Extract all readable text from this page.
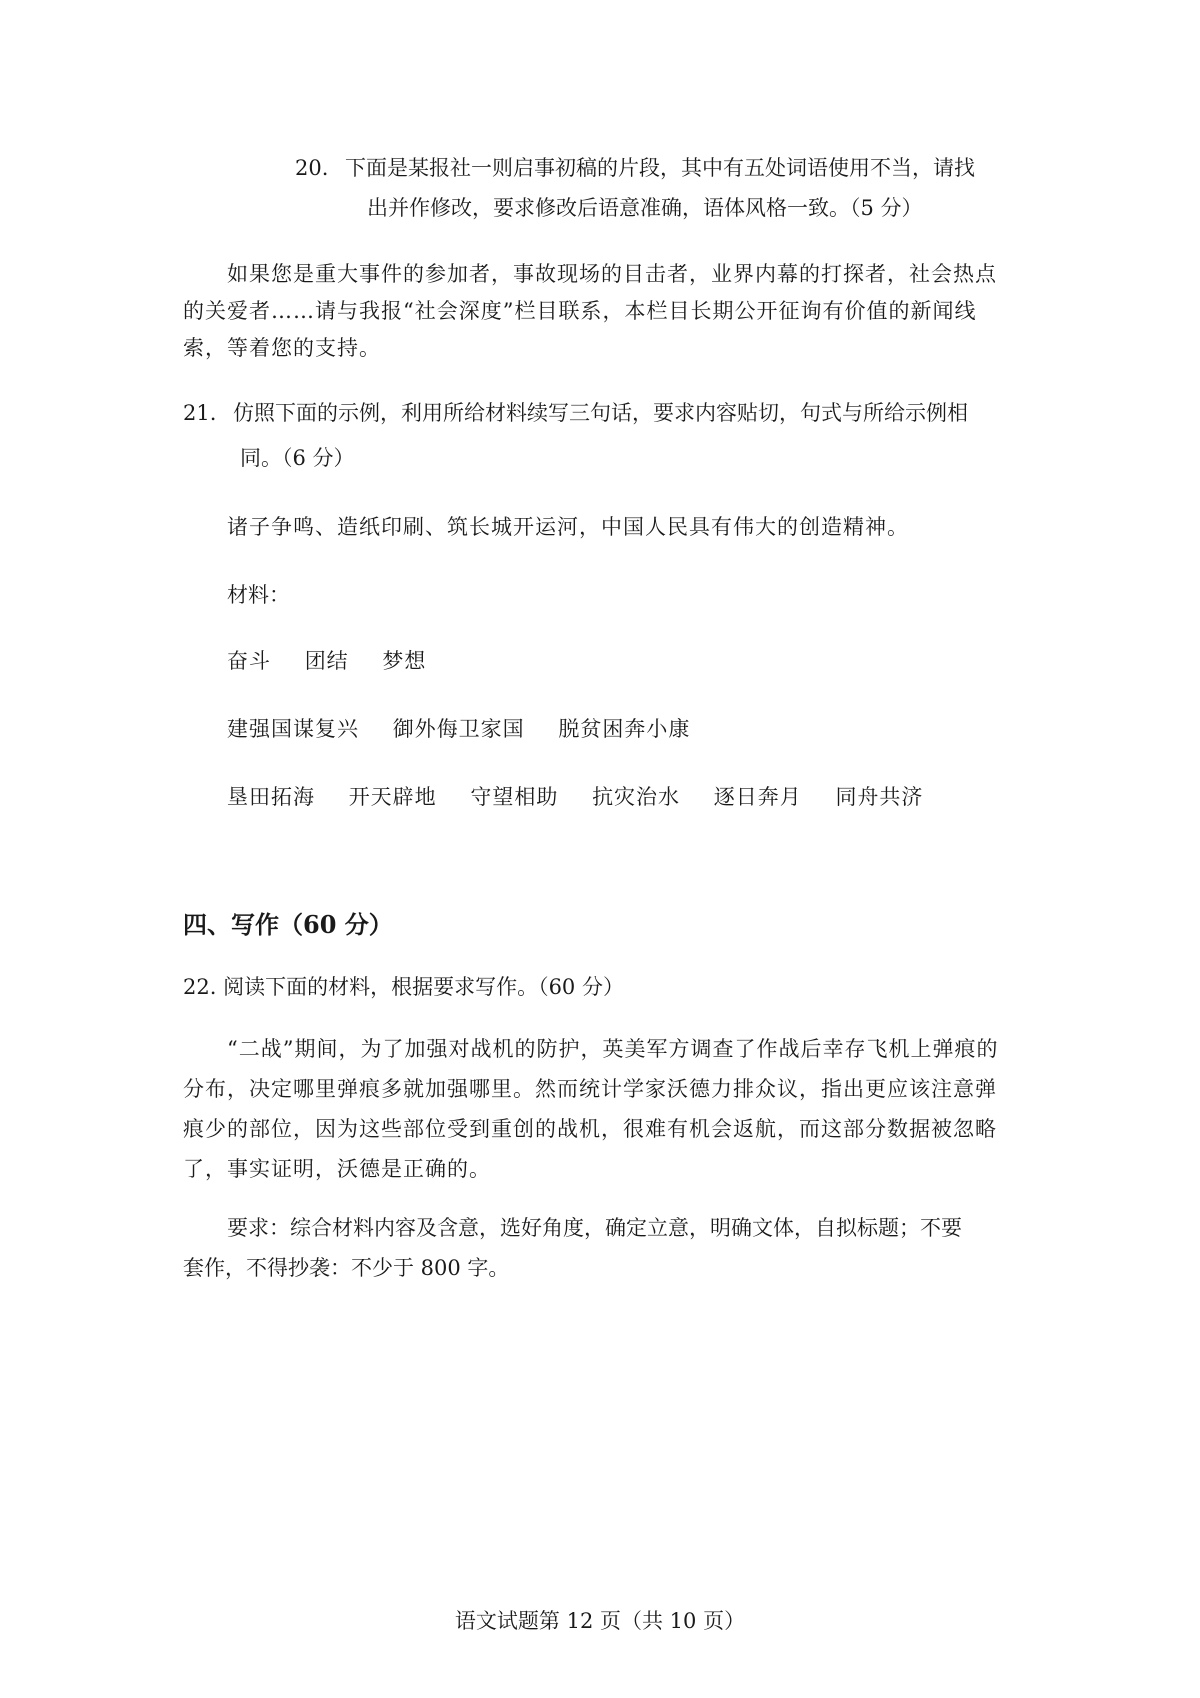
20. 下面是某报社一则启事初稿的片段，其中有五处词语使用不当，请找
出并作修改，要求修改后语意准确，语体风格一致。（5 分）
如果您是重大事件的参加者，事故现场的目击者，业界内幕的打探者，社会热点
的关爱者……请与我报“社会深度”栏目联系，本栏目长期公开征询有价值的新闻线
索，等着您的支持。
21. 仿照下面的示例，利用所给材料续写三句话，要求内容贴切，句式与所给示例相
同。（6 分）
诸子争鸣、造纸印刷、筑长城开运河，中国人民具有伟大的创造精神。
材料：
奋斗 团结 梦想
建强国谋复兴 御外侮卫家国 脱贫困奔小康
垦田拓海 开天辟地 守望相助 抗灾治水 逐日奔月 同舟共济
四、写作（60 分）
22. 阅读下面的材料，根据要求写作。（60 分）
“二战”期间，为了加强对战机的防护，英美军方调查了作战后幸存飞机上弹痕的
分布，决定哪里弹痕多就加强哪里。然而统计学家沃德力排众议，指出更应该注意弹
痕少的部位，因为这些部位受到重创的战机，很难有机会返航，而这部分数据被忽略
了，事实证明，沃德是正确的。
要求：综合材料内容及含意，选好角度，确定立意，明确文体，自拟标题；不要
套作，不得抄袭：不少于 800 字。
语文试题第 12 页（共 10 页）
